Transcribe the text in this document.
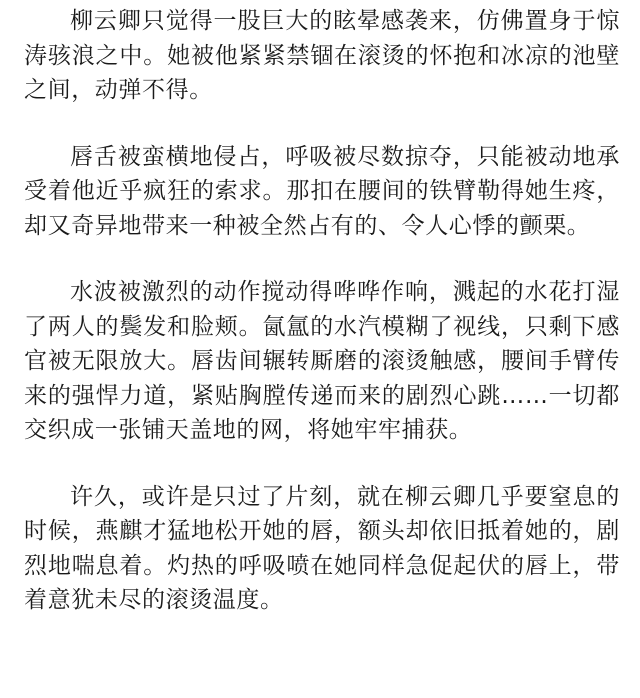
柳云卿只觉得一股巨大的眩晕感袭来，仿佛置身于惊涛骇浪之中。她被他紧紧禁锢在滚烫的怀抱和冰凉的池壁之间，动弹不得。

唇舌被蛮横地侵占，呼吸被尽数掠夺，只能被动地承受着他近乎疯狂的索求。那扣在腰间的铁臂勒得她生疼，却又奇异地带来一种被全然占有的、令人心悸的颤栗。

水波被激烈的动作搅动得哗哗作响，溅起的水花打湿了两人的鬓发和脸颊。氤氲的水汽模糊了视线，只剩下感官被无限放大。唇齿间辗转厮磨的滚烫触感，腰间手臂传来的强悍力道，紧贴胸膛传递而来的剧烈心跳……一切都交织成一张铺天盖地的网，将她牢牢捕获。

许久，或许是只过了片刻，就在柳云卿几乎要窒息的时候，燕麒才猛地松开她的唇，额头却依旧抵着她的，剧烈地喘息着。灼热的呼吸喷在她同样急促起伏的唇上，带着意犹未尽的滚烫温度。
